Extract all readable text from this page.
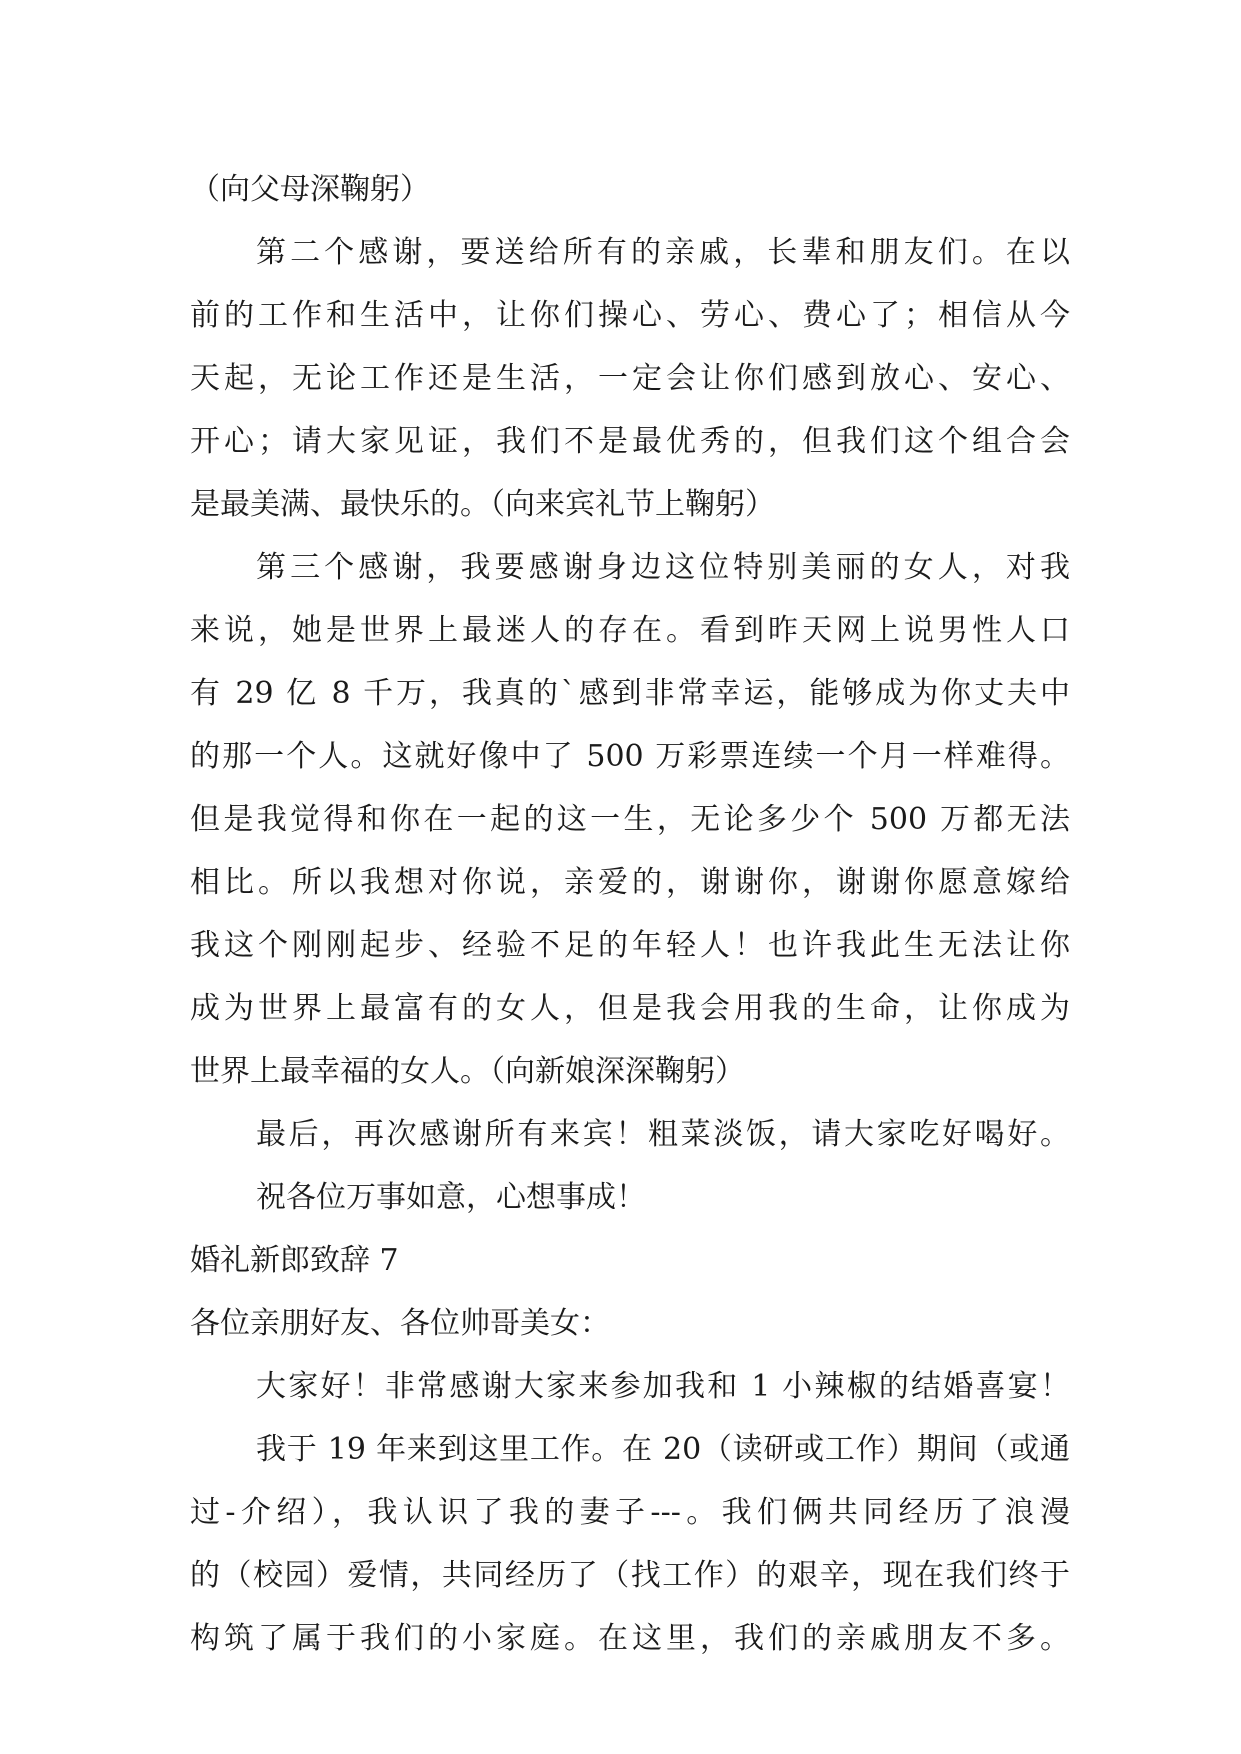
（向父母深鞠躬）
第二个感谢，要送给所有的亲戚，长辈和朋友们。在以
前的工作和生活中，让你们操心、劳心、费心了；相信从今
天起，无论工作还是生活，一定会让你们感到放心、安心、
开心；请大家见证，我们不是最优秀的，但我们这个组合会
是最美满、最快乐的。（向来宾礼节上鞠躬）
第三个感谢，我要感谢身边这位特别美丽的女人，对我
来说，她是世界上最迷人的存在。看到昨天网上说男性人口
有 29 亿 8 千万，我真的`感到非常幸运，能够成为你丈夫中
的那一个人。这就好像中了 500 万彩票连续一个月一样难得。
但是我觉得和你在一起的这一生，无论多少个 500 万都无法
相比。所以我想对你说，亲爱的，谢谢你，谢谢你愿意嫁给
我这个刚刚起步、经验不足的年轻人！也许我此生无法让你
成为世界上最富有的女人，但是我会用我的生命，让你成为
世界上最幸福的女人。（向新娘深深鞠躬）
最后，再次感谢所有来宾！粗菜淡饭，请大家吃好喝好。
祝各位万事如意，心想事成！
婚礼新郎致辞 7
各位亲朋好友、各位帅哥美女：
大家好！非常感谢大家来参加我和 1 小辣椒的结婚喜宴！
我于 19 年来到这里工作。在 20（读研或工作）期间（或通
过-介绍），我认识了我的妻子---。我们俩共同经历了浪漫
的（校园）爱情，共同经历了（找工作）的艰辛，现在我们终于
构筑了属于我们的小家庭。在这里，我们的亲戚朋友不多。
